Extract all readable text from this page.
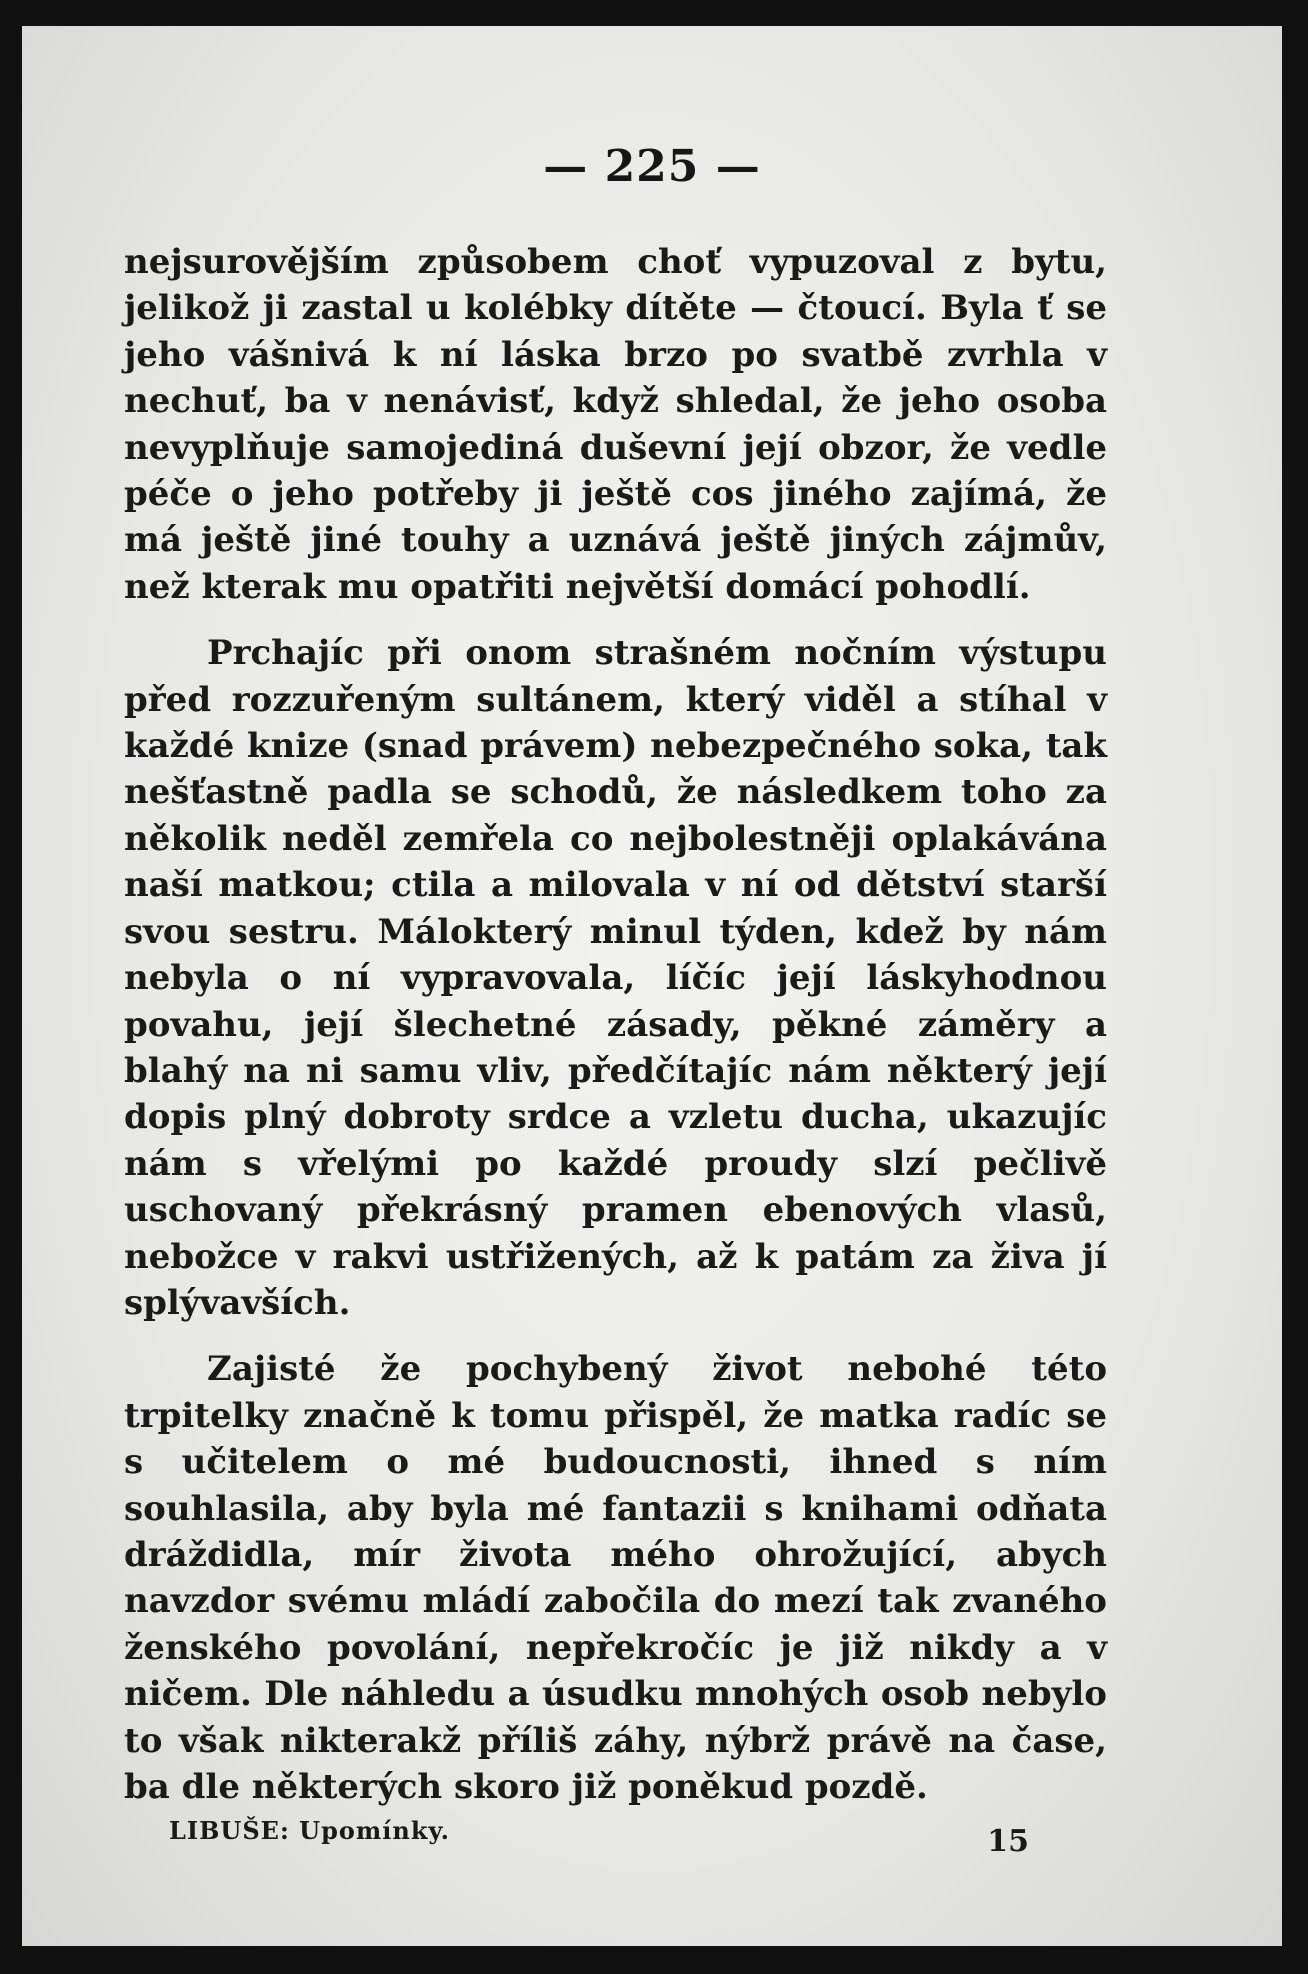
— 225 —

nejsurovějším způsobem choť vypuzoval z bytu, jelikož ji zastal u kolébky dítěte — čtoucí. Byla ť se jeho vášnivá k ní láska brzo po svatbě zvrhla v nechuť, ba v nenávisť, když shledal, že jeho osoba nevyplňuje samojediná duševní její obzor, že vedle péče o jeho potřeby ji ještě cos jiného zajímá, že má ještě jiné touhy a uznává ještě jiných zájmův, než kterak mu opatřiti největší domácí pohodlí.

Prchajíc při onom strašném nočním výstupu před rozzuřeným sultánem, který viděl a stíhal v každé knize (snad právem) nebezpečného soka, tak nešťastně padla se schodů, že následkem toho za několik neděl zemřela co nejbolestněji oplakávána naší matkou; ctila a milovala v ní od dětství starší svou sestru. Málokterý minul týden, kdež by nám nebyla o ní vypravovala, líčíc její láskyhodnou povahu, její šlechetné zásady, pěkné záměry a blahý na ni samu vliv, předčítajíc nám některý její dopis plný dobroty srdce a vzletu ducha, ukazujíc nám s vřelými po každé proudy slzí pečlivě uschovaný překrásný pramen ebenových vlasů, nebožce v rakvi ustřižených, až k patám za živa jí splývavších.

Zajisté že pochybený život nebohé této trpitelky značně k tomu přispěl, že matka radíc se s učitelem o mé budoucnosti, ihned s ním souhlasila, aby byla mé fantazii s knihami odňata dráždidla, mír života mého ohrožující, abych navzdor svému mládí zabočila do mezí tak zvaného ženského povolání, nepřekročíc je již nikdy a v ničem. Dle náhledu a úsudku mnohých osob nebylo to však nikterakž příliš záhy, nýbrž právě na čase, ba dle některých skoro již poněkud pozdě.

LIBUŠE: Upomínky.	15
